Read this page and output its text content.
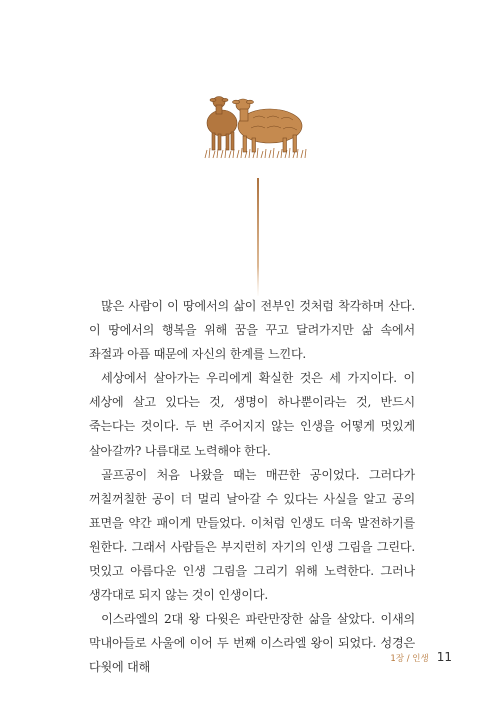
많은 사람이 이 땅에서의 삶이 전부인 것처럼 착각하며 산다. 이 땅에서의 행복을 위해 꿈을 꾸고 달려가지만 삶 속에서 좌절과 아픔 때문에 자신의 한계를 느낀다.

세상에서 살아가는 우리에게 확실한 것은 세 가지이다. 이 세상에 살고 있다는 것, 생명이 하나뿐이라는 것, 반드시 죽는다는 것이다. 두 번 주어지지 않는 인생을 어떻게 멋있게 살아갈까? 나름대로 노력해야 한다.

골프공이 처음 나왔을 때는 매끈한 공이었다. 그러다가 꺼칠꺼칠한 공이 더 멀리 날아갈 수 있다는 사실을 알고 공의 표면을 약간 패이게 만들었다. 이처럼 인생도 더욱 발전하기를 원한다. 그래서 사람들은 부지런히 자기의 인생 그림을 그린다. 멋있고 아름다운 인생 그림을 그리기 위해 노력한다. 그러나 생각대로 되지 않는 것이 인생이다.

이스라엘의 2대 왕 다윗은 파란만장한 삶을 살았다. 이새의 막내아들로 사울에 이어 두 번째 이스라엘 왕이 되었다. 성경은 다윗에 대해

1장 / 인생 11
